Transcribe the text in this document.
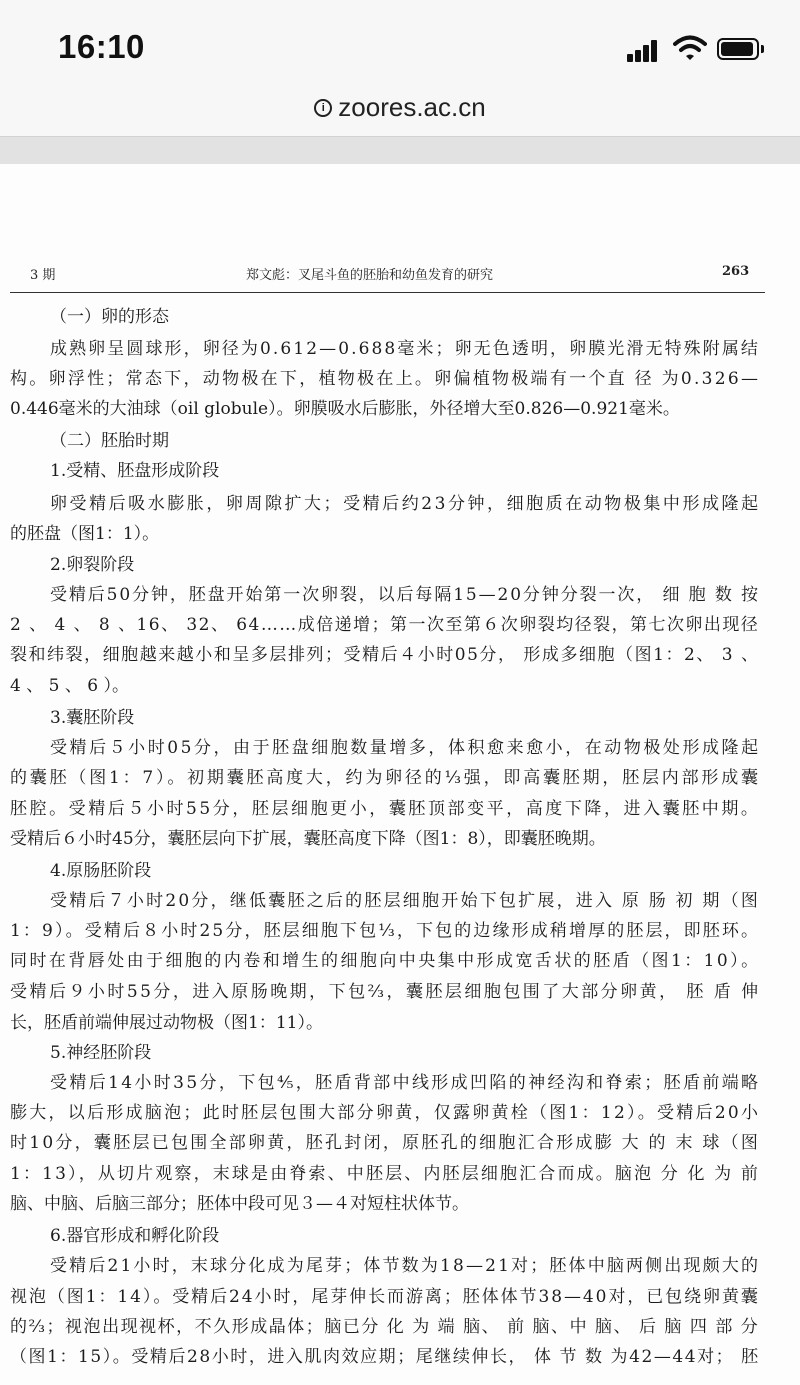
16:10
i zoores.ac.cn
3 期	郑文彪：叉尾斗鱼的胚胎和幼鱼发育的研究	263
（一）卵的形态
成熟卵呈圆球形，卵径为0.612—0.688毫米；卵无色透明，卵膜光滑无特殊附属结
构。卵浮性；常态下，动物极在下，植物极在上。卵偏植物极端有一个直 径 为0.326—
0.446毫米的大油球（oil globule）。卵膜吸水后膨胀，外径增大至0.826—0.921毫米。
（二）胚胎时期
1.受精、胚盘形成阶段
卵受精后吸水膨胀，卵周隙扩大；受精后约23分钟，细胞质在动物极集中形成隆起
的胚盘（图1：1）。
2.卵裂阶段
受精后50分钟，胚盘开始第一次卵裂，以后每隔15—20分钟分裂一次， 细 胞 数 按
2 、 4 、 8 、16、 32、 64……成倍递增；第一次至第６次卵裂均径裂，第七次卵出现径
裂和纬裂，细胞越来越小和呈多层排列；受精后４小时05分， 形成多细胞（图1：2、 3 、
4 、 5 、 6 ）。
3.囊胚阶段
受精后５小时05分，由于胚盘细胞数量增多，体积愈来愈小，在动物极处形成隆起
的囊胚（图1：7）。初期囊胚高度大，约为卵径的⅓强，即高囊胚期，胚层内部形成囊
胚腔。受精后５小时55分，胚层细胞更小，囊胚顶部变平，高度下降，进入囊胚中期。
受精后６小时45分，囊胚层向下扩展，囊胚高度下降（图1：8），即囊胚晚期。
4.原肠胚阶段
受精后７小时20分，继低囊胚之后的胚层细胞开始下包扩展，进入 原 肠 初 期（图
1：9）。受精后８小时25分，胚层细胞下包⅓，下包的边缘形成稍增厚的胚层，即胚环。
同时在背唇处由于细胞的内卷和增生的细胞向中央集中形成宽舌状的胚盾（图1：10）。
受精后９小时55分，进入原肠晚期，下包⅔，囊胚层细胞包围了大部分卵黄， 胚 盾 伸
长，胚盾前端伸展过动物极（图1：11）。
5.神经胚阶段
受精后14小时35分，下包⅘，胚盾背部中线形成凹陷的神经沟和脊索；胚盾前端略
膨大，以后形成脑泡；此时胚层包围大部分卵黄，仅露卵黄栓（图1：12）。受精后20小
时10分，囊胚层已包围全部卵黄，胚孔封闭，原胚孔的细胞汇合形成膨 大 的 末 球（图
1：13），从切片观察，末球是由脊索、中胚层、内胚层细胞汇合而成。脑泡 分 化 为 前
脑、中脑、后脑三部分；胚体中段可见３—４对短柱状体节。
6.器官形成和孵化阶段
受精后21小时，末球分化成为尾芽；体节数为18—21对；胚体中脑两侧出现颇大的
视泡（图1：14）。受精后24小时，尾芽伸长而游离；胚体体节38—40对，已包绕卵黄囊
的⅔；视泡出现视杯，不久形成晶体；脑已分 化 为 端 脑、 前 脑、中 脑、 后 脑 四 部 分
（图1：15）。受精后28小时，进入肌肉效应期；尾继续伸长， 体 节 数 为42—44对； 胚
